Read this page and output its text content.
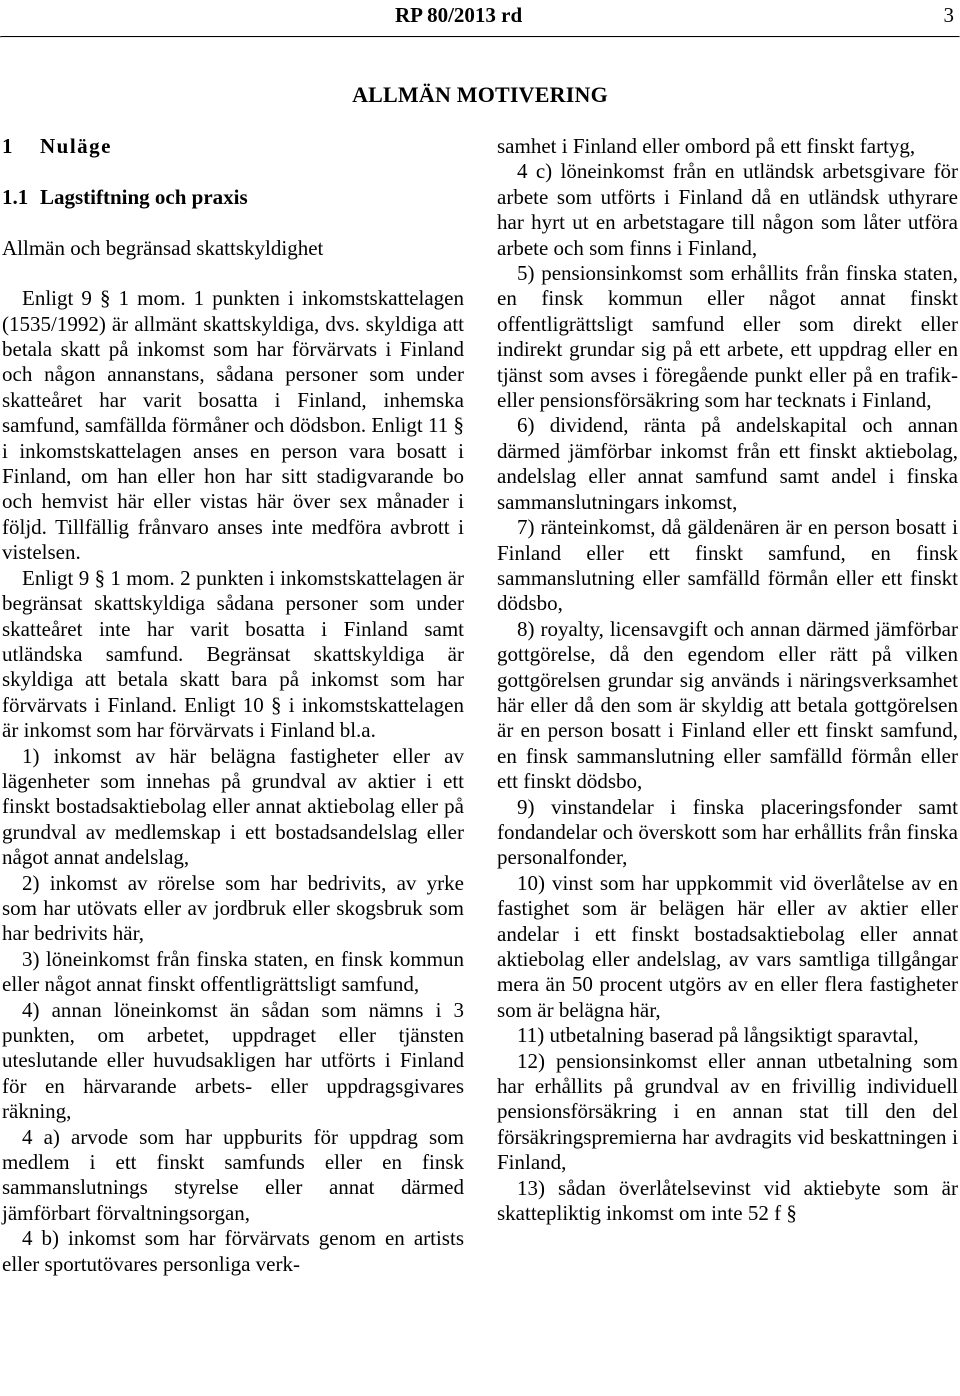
RP 80/2013 rd	3

ALLMÄN MOTIVERING
1 Nuläge
1.1 Lagstiftning och praxis
Allmän och begränsad skattskyldighet

Enligt 9 § 1 mom. 1 punkten i inkomstskattelagen (1535/1992) är allmänt skattskyldiga, dvs. skyldiga att betala skatt på inkomst som har förvärvats i Finland och någon annanstans, sådana personer som under skatteåret har varit bosatta i Finland, inhemska samfund, samfällda förmåner och dödsbon. Enligt 11 § i inkomstskattelagen anses en person vara bosatt i Finland, om han eller hon har sitt stadigvarande bo och hemvist här eller vistas här över sex månader i följd. Tillfällig frånvaro anses inte medföra avbrott i vistelsen.

Enligt 9 § 1 mom. 2 punkten i inkomstskattelagen är begränsat skattskyldiga sådana personer som under skatteåret inte har varit bosatta i Finland samt utländska samfund. Begränsat skattskyldiga är skyldiga att betala skatt bara på inkomst som har förvärvats i Finland. Enligt 10 § i inkomstskattelagen är inkomst som har förvärvats i Finland bl.a.

1) inkomst av här belägna fastigheter eller av lägenheter som innehas på grundval av aktier i ett finskt bostadsaktiebolag eller annat aktiebolag eller på grundval av medlemskap i ett bostadsandelslag eller något annat andelslag,

2) inkomst av rörelse som har bedrivits, av yrke som har utövats eller av jordbruk eller skogsbruk som har bedrivits här,

3) löneinkomst från finska staten, en finsk kommun eller något annat finskt offentligrättsligt samfund,

4) annan löneinkomst än sådan som nämns i 3 punkten, om arbetet, uppdraget eller tjänsten uteslutande eller huvudsakligen har utförts i Finland för en härvarande arbets- eller uppdragsgivares räkning,

4 a) arvode som har uppburits för uppdrag som medlem i ett finskt samfunds eller en finsk sammanslutnings styrelse eller annat därmed jämförbart förvaltningsorgan,

4 b) inkomst som har förvärvats genom en artists eller sportutövares personliga verk-

samhet i Finland eller ombord på ett finskt fartyg,

4 c) löneinkomst från en utländsk arbetsgivare för arbete som utförts i Finland då en utländsk uthyrare har hyrt ut en arbetstagare till någon som låter utföra arbete och som finns i Finland,

5) pensionsinkomst som erhållits från finska staten, en finsk kommun eller något annat finskt offentligrättsligt samfund eller som direkt eller indirekt grundar sig på ett arbete, ett uppdrag eller en tjänst som avses i föregående punkt eller på en trafik- eller pensionsförsäkring som har tecknats i Finland,

6) dividend, ränta på andelskapital och annan därmed jämförbar inkomst från ett finskt aktiebolag, andelslag eller annat samfund samt andel i finska sammanslutningars inkomst,

7) ränteinkomst, då gäldenären är en person bosatt i Finland eller ett finskt samfund, en finsk sammanslutning eller samfälld förmån eller ett finskt dödsbo,

8) royalty, licensavgift och annan därmed jämförbar gottgörelse, då den egendom eller rätt på vilken gottgörelsen grundar sig används i näringsverksamhet här eller då den som är skyldig att betala gottgörelsen är en person bosatt i Finland eller ett finskt samfund, en finsk sammanslutning eller samfälld förmån eller ett finskt dödsbo,

9) vinstandelar i finska placeringsfonder samt fondandelar och överskott som har erhållits från finska personalfonder,

10) vinst som har uppkommit vid överlåtelse av en fastighet som är belägen här eller av aktier eller andelar i ett finskt bostadsaktiebolag eller annat aktiebolag eller andelslag, av vars samtliga tillgångar mera än 50 procent utgörs av en eller flera fastigheter som är belägna här,

11) utbetalning baserad på långsiktigt sparavtal,

12) pensionsinkomst eller annan utbetalning som har erhållits på grundval av en frivillig individuell pensionsförsäkring i en annan stat till den del försäkringspremierna har avdragits vid beskattningen i Finland,

13) sådan överlåtelsevinst vid aktiebyte som är skattepliktig inkomst om inte 52 f §
